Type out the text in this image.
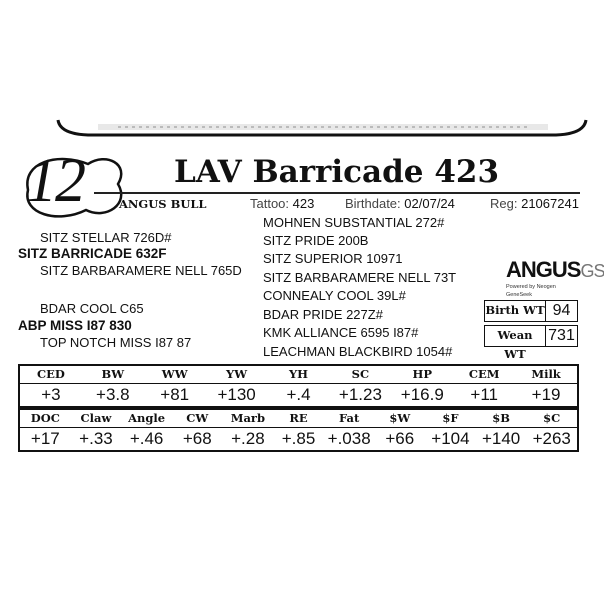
12	LAV Barricade 423
ANGUS BULL	Tattoo: 423 Birthdate: 02/07/24	Reg: 21067241
SITZ STELLAR 726D#
SITZ BARRICADE 632F
SITZ BARBARAMERE NELL 765D
BDAR COOL C65
ABP MISS I87 830
TOP NOTCH MISS I87 87
MOHNEN SUBSTANTIAL 272#
SITZ PRIDE 200B
SITZ SUPERIOR 10971
SITZ BARBARAMERE NELL 73T
CONNEALY COOL 39L#
BDAR PRIDE 227Z#
KMK ALLIANCE 6595 I87#
LEACHMAN BLACKBIRD 1054#
ANGUSGS
Powered by Neogen GeneSeek
Birth WT 94
Wean WT
731
CED	BW	WW	YW	YH	SC	HP	CEM	Milk
+3	+3.8	+81	+130	+.4	+1.23	+16.9	+11	+19
DOC	Claw	Angle	CW	Marb	RE	Fat	$W	$F	$B	$C
+17	+.33	+.46	+68	+.28	+.85 +.038 +66	+104 +140 +263
